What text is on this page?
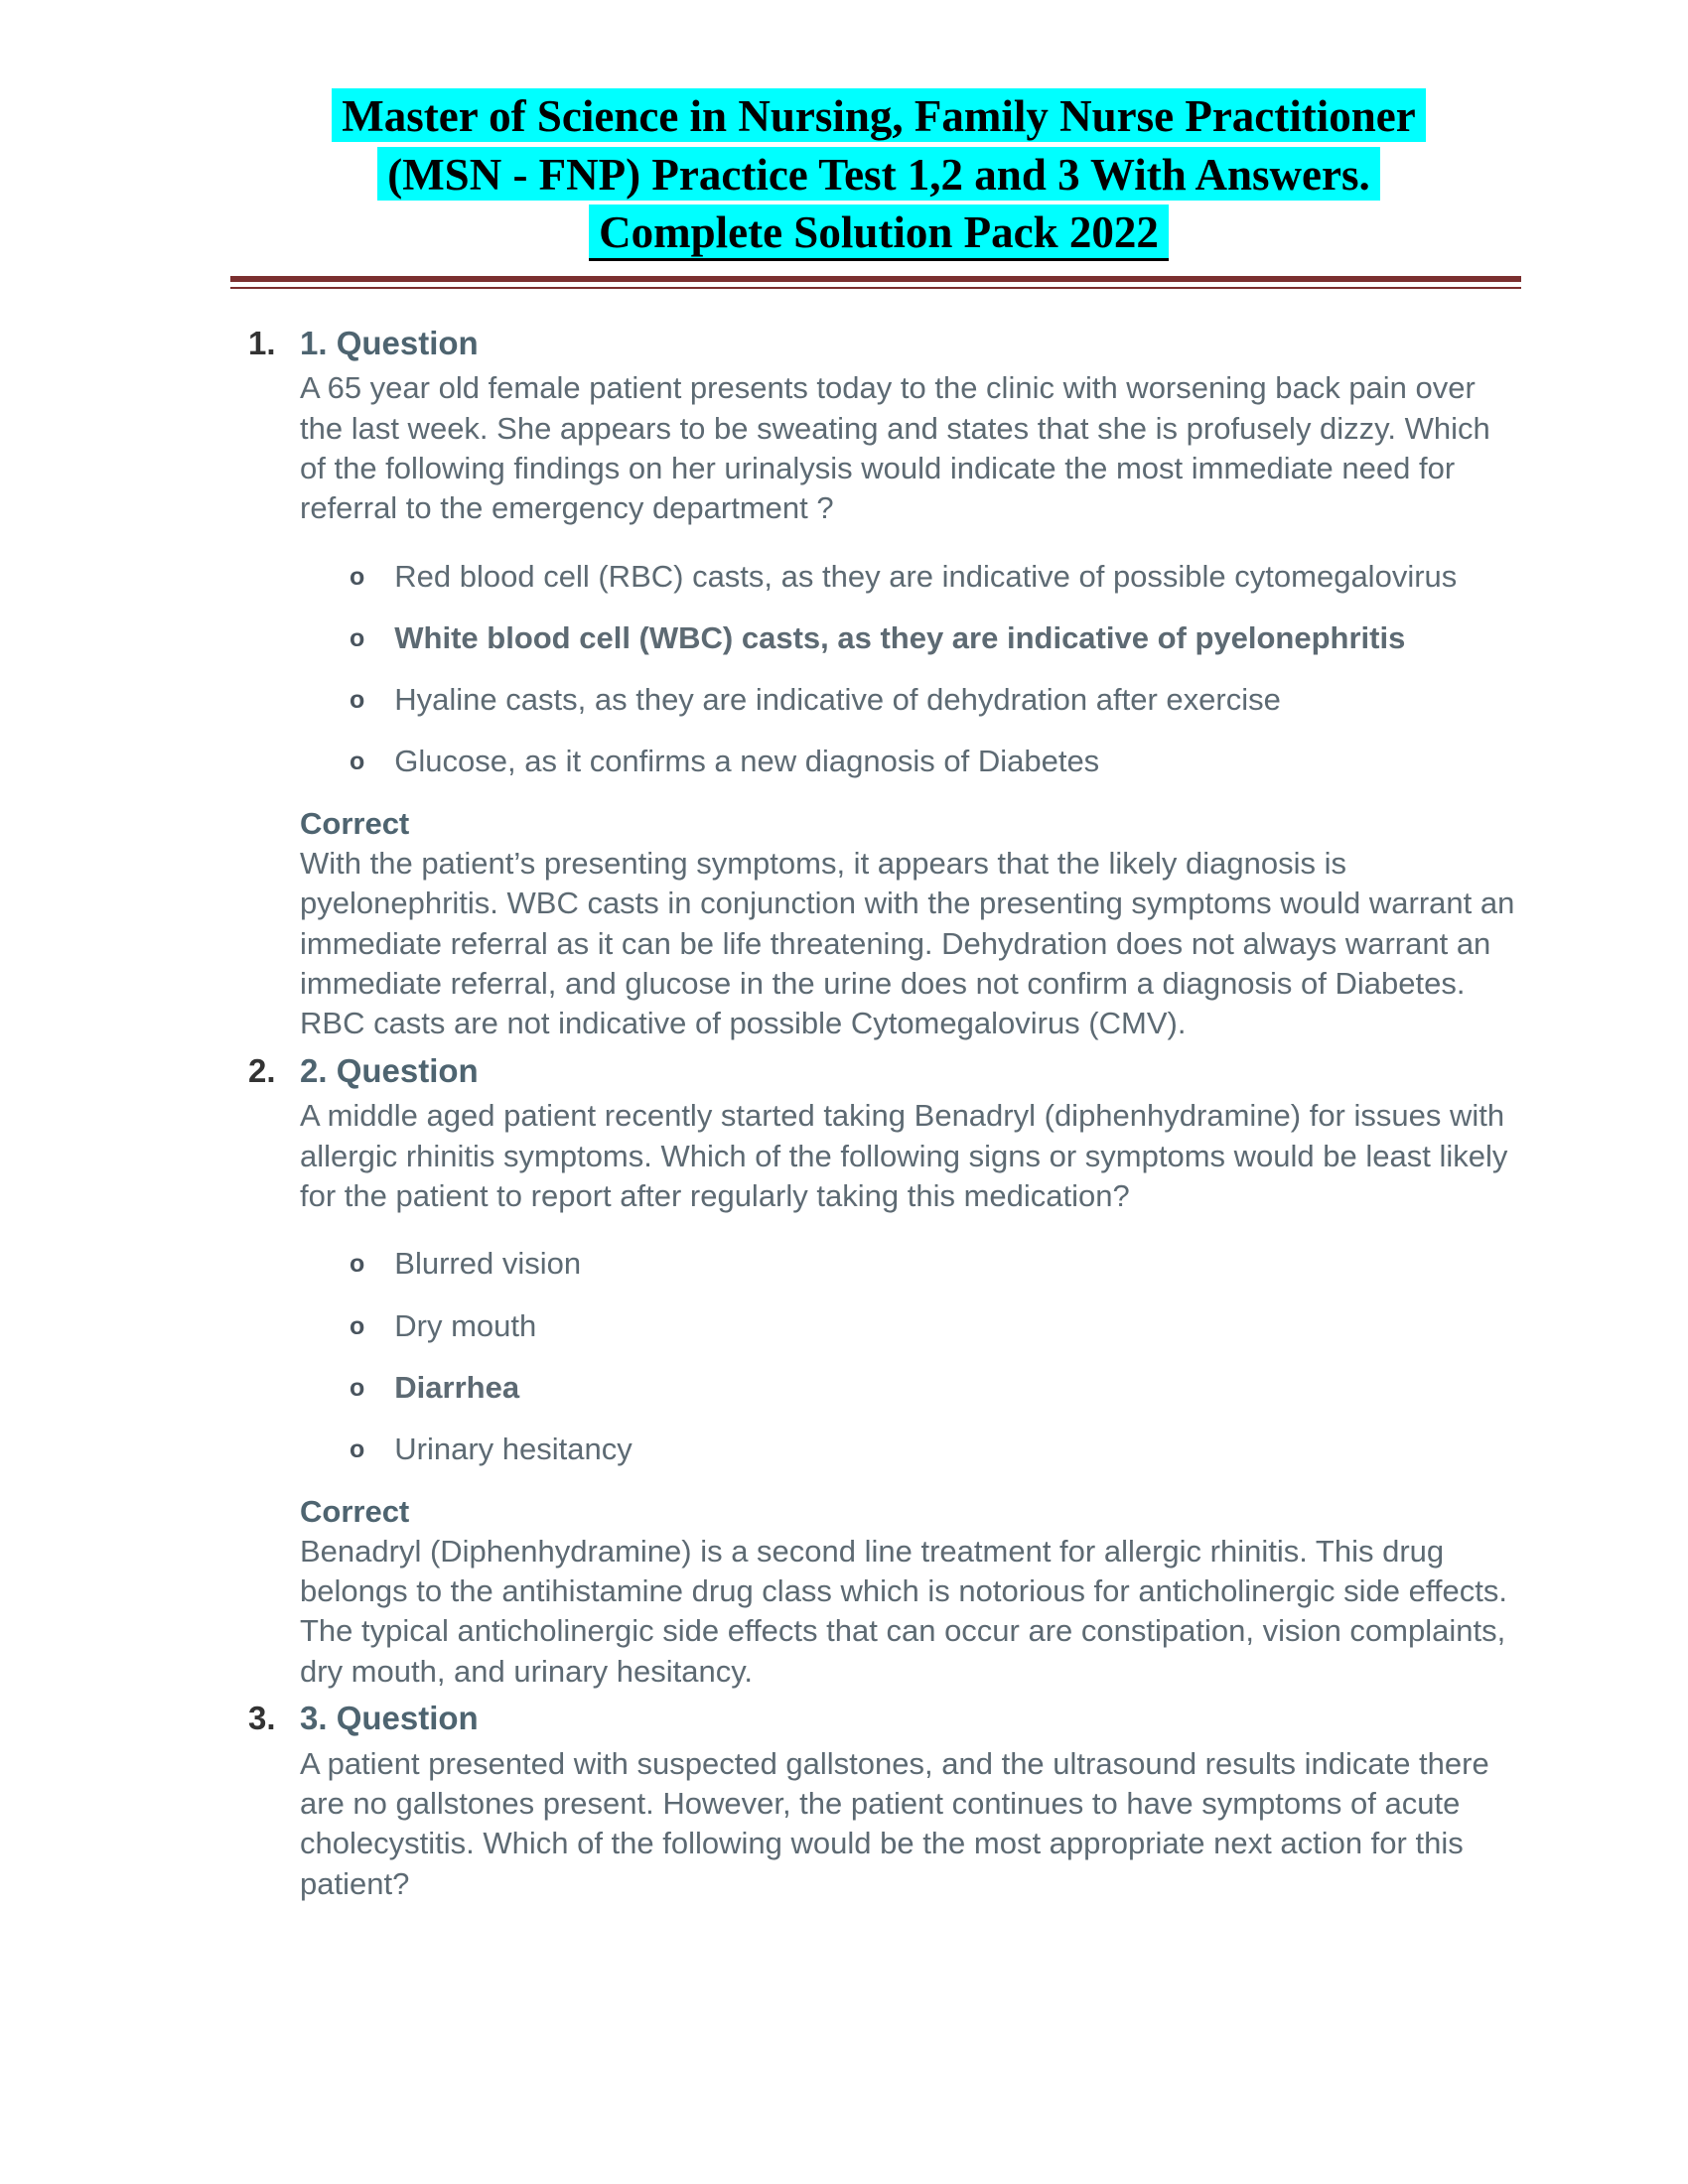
Master of Science in Nursing, Family Nurse Practitioner
(MSN - FNP) Practice Test 1,2 and 3 With Answers.
Complete Solution Pack 2022
1. 1. Question
A 65 year old female patient presents today to the clinic with worsening back pain over the last week. She appears to be sweating and states that she is profusely dizzy. Which of the following findings on her urinalysis would indicate the most immediate need for referral to the emergency department ?
o Red blood cell (RBC) casts, as they are indicative of possible cytomegalovirus
o White blood cell (WBC) casts, as they are indicative of pyelonephritis
o Hyaline casts, as they are indicative of dehydration after exercise
o Glucose, as it confirms a new diagnosis of Diabetes
Correct
With the patient’s presenting symptoms, it appears that the likely diagnosis is pyelonephritis. WBC casts in conjunction with the presenting symptoms would warrant an immediate referral as it can be life threatening. Dehydration does not always warrant an immediate referral, and glucose in the urine does not confirm a diagnosis of Diabetes. RBC casts are not indicative of possible Cytomegalovirus (CMV).
2. 2. Question
A middle aged patient recently started taking Benadryl (diphenhydramine) for issues with allergic rhinitis symptoms. Which of the following signs or symptoms would be least likely for the patient to report after regularly taking this medication?
o Blurred vision
o Dry mouth
o Diarrhea
o Urinary hesitancy
Correct
Benadryl (Diphenhydramine) is a second line treatment for allergic rhinitis. This drug belongs to the antihistamine drug class which is notorious for anticholinergic side effects. The typical anticholinergic side effects that can occur are constipation, vision complaints, dry mouth, and urinary hesitancy.
3. 3. Question
A patient presented with suspected gallstones, and the ultrasound results indicate there are no gallstones present. However, the patient continues to have symptoms of acute cholecystitis. Which of the following would be the most appropriate next action for this patient?
